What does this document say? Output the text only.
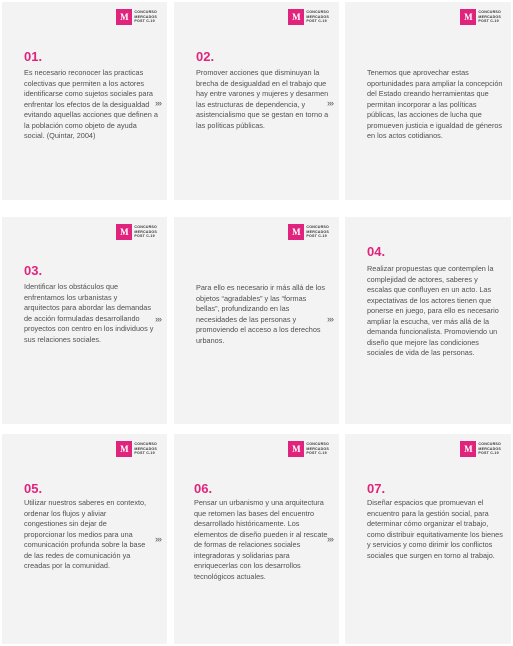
M	CONCURSO
MERCADOS
POST C-19
01.
Es necesario reconocer las practicas colectivas que permiten a los actores identificarse como sujetos sociales para enfrentar los efectos de la desigualdad evitando aquellas acciones que definen a la población como objeto de ayuda social. (Quintar, 2004)
›››
M	CONCURSO
MERCADOS
POST C-19
02.
Promover acciones que disminuyan la brecha de desigualdad en el trabajo que hay entre varones y mujeres y desarmen las estructuras de dependencia, y asistencialismo que se gestan en torno a las políticas públicas.
›››
M	CONCURSO
MERCADOS
POST C-19
Tenemos que aprovechar estas oportunidades para ampliar la concepción del Estado creando herramientas que permitan incorporar a las políticas públicas, las acciones de lucha que promueven justicia e igualdad de géneros en los actos cotidianos.
M	CONCURSO
MERCADOS
POST C-19
03.
Identificar los obstáculos que enfrentamos los urbanistas y arquitectos para abordar las demandas de acción formuladas desarrollando proyectos con centro en los individuos y sus relaciones sociales.
›››
M	CONCURSO
MERCADOS
POST C-19
Para ello es necesario ir más allá de los objetos “agradables” y las “formas bellas”, profundizando en las necesidades de las personas y promoviendo el acceso a los derechos urbanos.
›››
04.
Realizar propuestas que contemplen la complejidad de actores, saberes y escalas que confluyen en un acto. Las expectativas de los actores tienen que ponerse en juego, para ello es necesario ampliar la escucha, ver más allá de la demanda funcionalista. Promoviendo un diseño que mejore las condiciones sociales de vida de las personas.
M	CONCURSO
MERCADOS
POST C-19
05.
Utilizar nuestros saberes en contexto, ordenar los flujos y aliviar congestiones sin dejar de proporcionar los medios para una comunicación profunda sobre la base de las redes de comunicación ya creadas por la comunidad.
›››
M	CONCURSO
MERCADOS
POST C-19
06.
Pensar un urbanismo y una arquitectura que retomen las bases del encuentro desarrollado históricamente. Los elementos de diseño pueden ir al rescate de formas de relaciones sociales integradoras y solidarias para enriquecerlas con los desarrollos tecnológicos actuales.
›››
M	CONCURSO
MERCADOS
POST C-19
07.
Diseñar espacios que promuevan el encuentro para la gestión social, para determinar cómo organizar el trabajo, como distribuir equitativamente los bienes y servicios y como dirimir los conflictos sociales que surgen en torno al trabajo.
